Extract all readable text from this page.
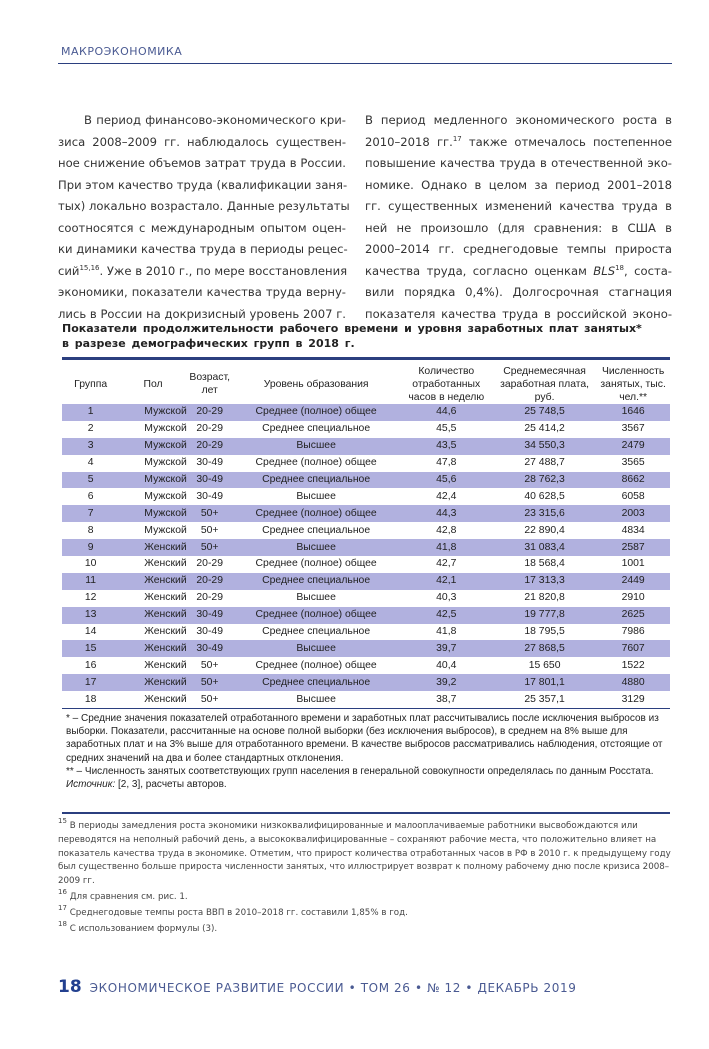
МАКРОЭКОНОМИКА
В период финансово-экономического кри-
зиса 2008–2009 гг. наблюдалось существен-
ное снижение объемов затрат труда в России.
При этом качество труда (квалификации заня-
тых) локально возрастало. Данные результаты
соотносятся с международным опытом оцен-
ки динамики качества труда в периоды рецес-
сий$^{15,16}$. Уже в 2010 г., по мере восстановления
экономики, показатели качества труда верну-
лись в России на докризисный уровень 2007 г.
В период медленного экономического роста в
2010–2018 гг.$^{17}$ также отмечалось постепенное
повышение качества труда в отечественной эко-
номике. Однако в целом за период 2001–2018
гг. существенных изменений качества труда в
ней не произошло (для сравнения: в США в
2000–2014 гг. среднегодовые темпы прироста
качества труда, согласно оценкам BLS$^{18}$, соста-
вили порядка 0,4%). Долгосрочная стагнация
показателя качества труда в российской эконо-
Показатели продолжительности рабочего времени и уровня заработных плат занятых*
в разрезе демографических групп в 2018 г.
Группа	Пол	Возраст, лет	Уровень образования	Количество отработанных часов в неделю	Среднемесячная заработная плата, руб.	Численность занятых, тыс. чел.**
1	Мужской	20-29	Среднее (полное) общее	44,6	25 748,5	1646
2	Мужской	20-29	Среднее специальное	45,5	25 414,2	3567
3	Мужской	20-29	Высшее	43,5	34 550,3	2479
4	Мужской	30-49	Среднее (полное) общее	47,8	27 488,7	3565
5	Мужской	30-49	Среднее специальное	45,6	28 762,3	8662
6	Мужской	30-49	Высшее	42,4	40 628,5	6058
7	Мужской	50+	Среднее (полное) общее	44,3	23 315,6	2003
8	Мужской	50+	Среднее специальное	42,8	22 890,4	4834
9	Женский	50+	Высшее	41,8	31 083,4	2587
10	Женский	20-29	Среднее (полное) общее	42,7	18 568,4	1001
11	Женский	20-29	Среднее специальное	42,1	17 313,3	2449
12	Женский	20-29	Высшее	40,3	21 820,8	2910
13	Женский	30-49	Среднее (полное) общее	42,5	19 777,8	2625
14	Женский	30-49	Среднее специальное	41,8	18 795,5	7986
15	Женский	30-49	Высшее	39,7	27 868,5	7607
16	Женский	50+	Среднее (полное) общее	40,4	15 650	1522
17	Женский	50+	Среднее специальное	39,2	17 801,1	4880
18	Женский	50+	Высшее	38,7	25 357,1	3129
* – Средние значения показателей отработанного времени и заработных плат рассчитывались после исключения выбросов из выборки. Показатели, рассчитанные на основе полной выборки (без исключения выбросов), в среднем на 8% выше для заработных плат и на 3% выше для отработанного времени. В качестве выбросов рассматривались наблюдения, отстоящие от средних значений на два и более стандартных отклонения.
** – Численность занятых соответствующих групп населения в генеральной совокупности определялась по данным Росстата.
Источник: [2, 3], расчеты авторов.

$^{15}$ В периоды замедления роста экономики низкоквалифицированные и малооплачиваемые работники высвобождаются или переводятся на неполный рабочий день, а высококвалифицированные – сохраняют рабочие места, что положительно влияет на показатель качества труда в экономике. Отметим, что прирост количества отработанных часов в РФ в 2010 г. к предыдущему году был существенно больше прироста численности занятых, что иллюстрирует возврат к полному рабочему дню после кризиса 2008–2009 гг.

$^{16}$ Для сравнения см. рис. 1.

$^{17}$ Среднегодовые темпы роста ВВП в 2010–2018 гг. составили 1,85% в год.

$^{18}$ С использованием формулы (3).

18 ЭКОНОМИЧЕСКОЕ РАЗВИТИЕ РОССИИ • ТОМ 26 • № 12 • ДЕКАБРЬ 2019
